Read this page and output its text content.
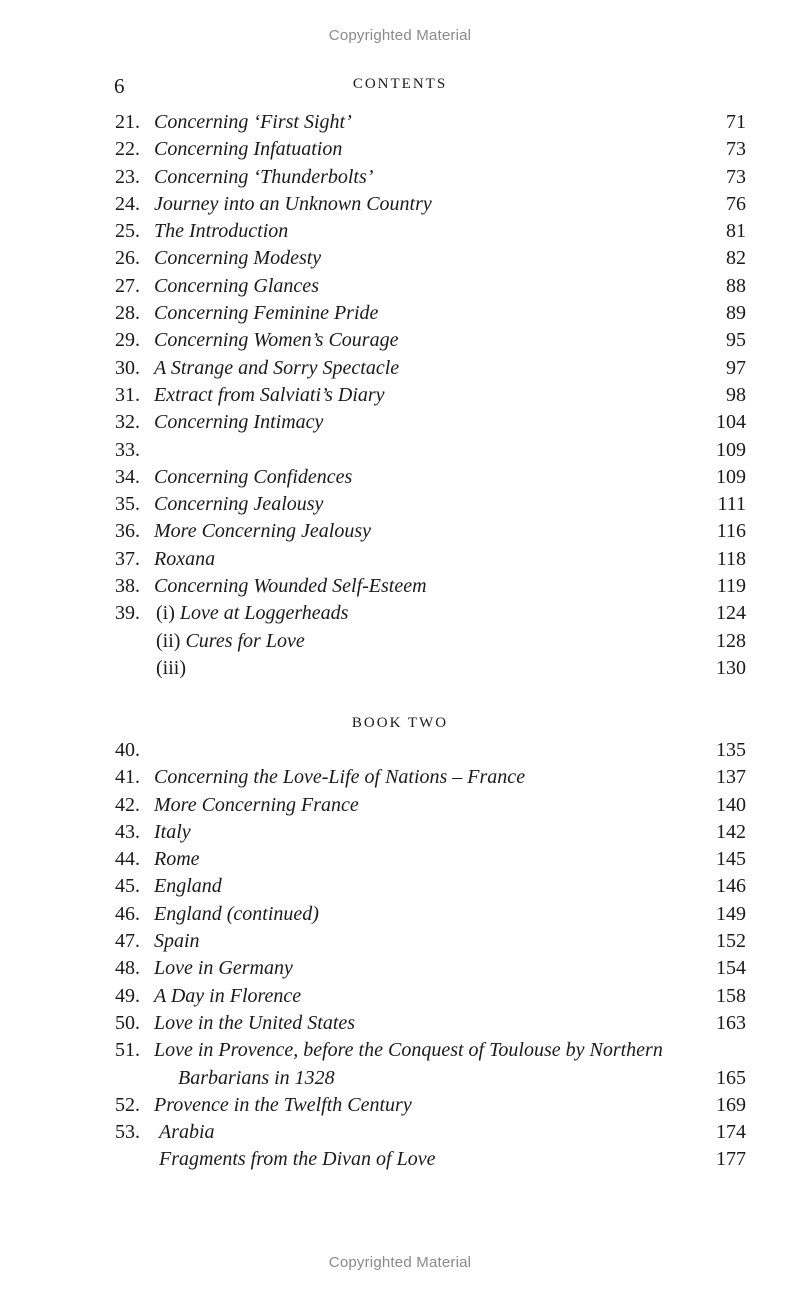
Copyrighted Material
6	CONTENTS
21. Concerning ‘First Sight’	71
22. Concerning Infatuation	73
23. Concerning ‘Thunderbolts’	73
24. Journey into an Unknown Country	76
25. The Introduction	81
26. Concerning Modesty	82
27. Concerning Glances	88
28. Concerning Feminine Pride	89
29. Concerning Women’s Courage	95
30. A Strange and Sorry Spectacle	97
31. Extract from Salviati’s Diary	98
32. Concerning Intimacy	104
33.	109
34. Concerning Confidences	109
35. Concerning Jealousy	111
36. More Concerning Jealousy	116
37. Roxana	118
38. Concerning Wounded Self-Esteem	119
39. (i) Love at Loggerheads	124
(ii) Cures for Love	128
(iii)	130
BOOK TWO
40.	135
41. Concerning the Love-Life of Nations – France	137
42. More Concerning France	140
43. Italy	142
44. Rome	145
45. England	146
46. England (continued)	149
47. Spain	152
48. Love in Germany	154
49. A Day in Florence	158
50. Love in the United States	163
51. Love in Provence, before the Conquest of Toulouse by Northern
Barbarians in 1328	165
52. Provence in the Twelfth Century	169
53. Arabia	174
Fragments from the Divan of Love	177
Copyrighted Material
